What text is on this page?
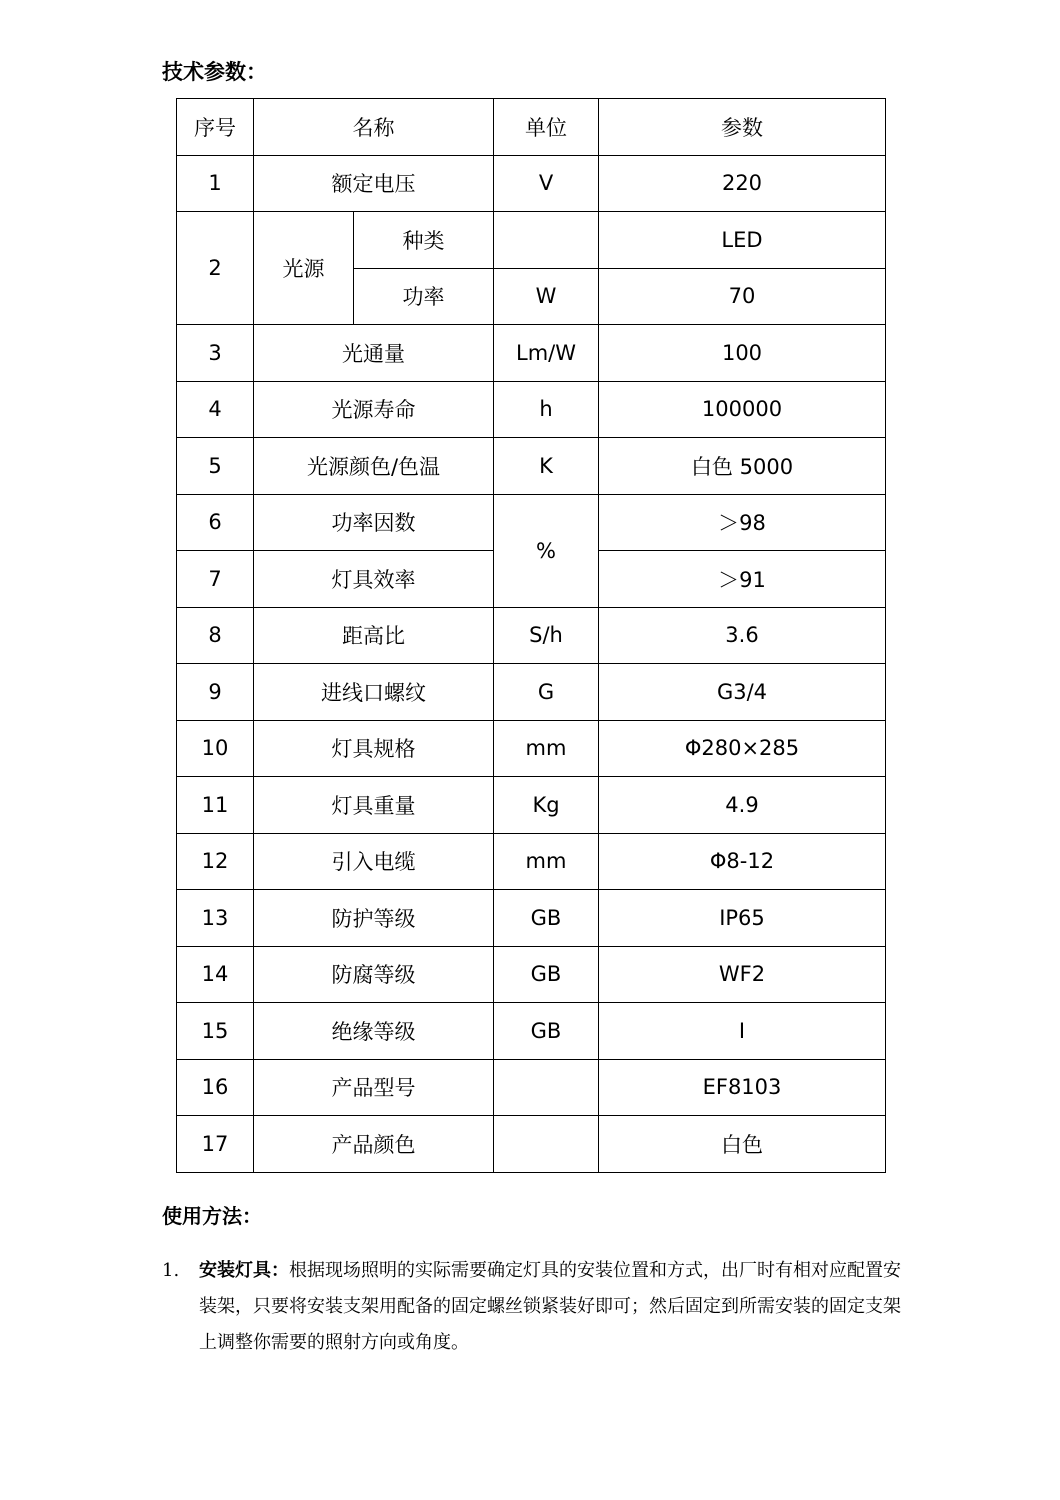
技术参数：
序号	名称		单位	参数
1	额定电压		V	220
2	光源	种类		LED
		功率	W	70
3	光通量		Lm/W	100
4	光源寿命		h	100000
5	光源颜色/色温		K	白色 5000
6	功率因数		%	＞98
7	灯具效率			＞91
8	距高比		S/h	3.6
9	进线口螺纹		G	G3/4
10	灯具规格		mm	Φ280×285
11	灯具重量		Kg	4.9
12	引入电缆		mm	Φ8-12
13	防护等级		GB	IP65
14	防腐等级		GB	WF2
15	绝缘等级		GB	I
16	产品型号			EF8103
17	产品颜色			白色
使用方法：
1. 安装灯具：根据现场照明的实际需要确定灯具的安装位置和方式，出厂时有相对应配置安装架，只要将安装支架用配备的固定螺丝锁紧装好即可；然后固定到所需安装的固定支架上调整你需要的照射方向或角度。
